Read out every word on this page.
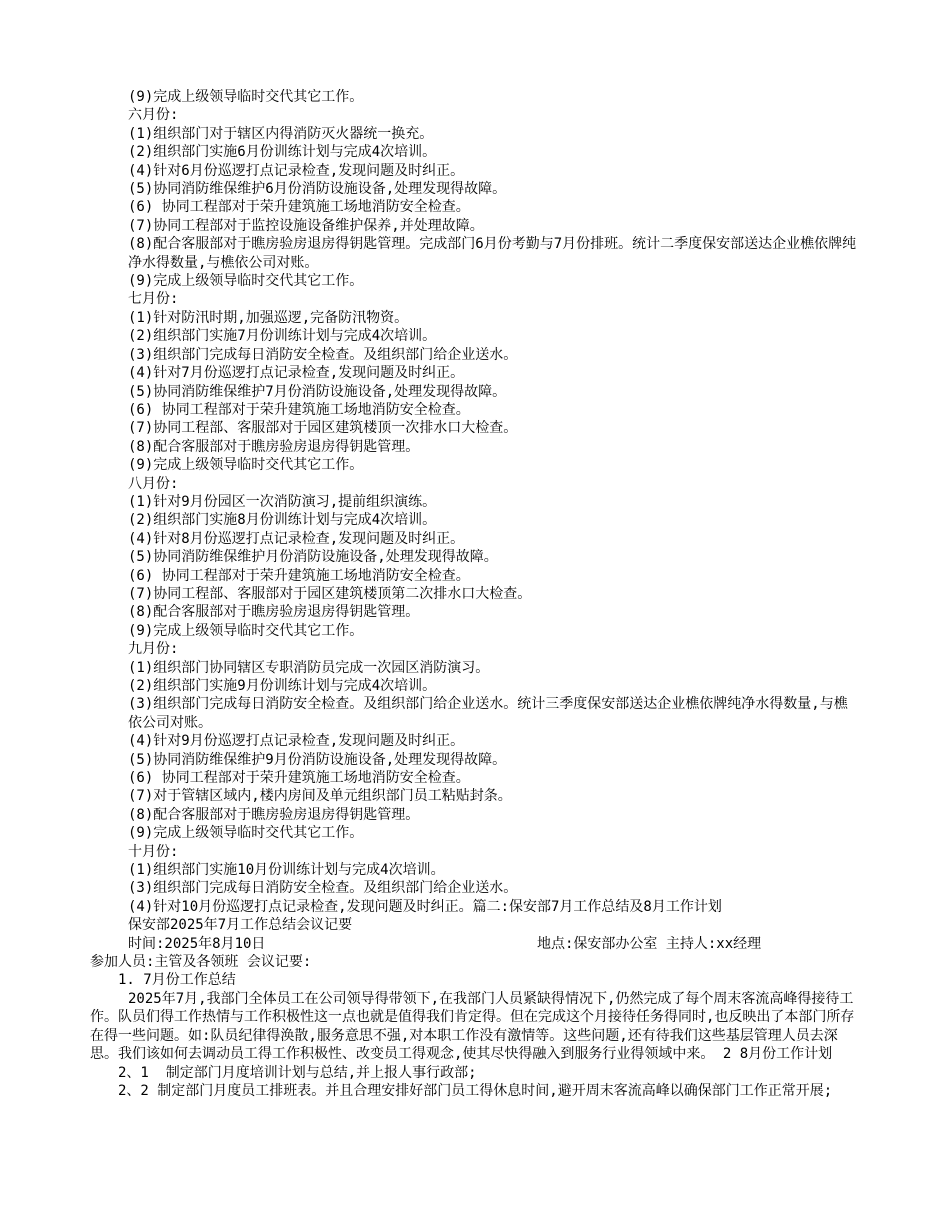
(9)完成上级领导临时交代其它工作。

六月份:

(1)组织部门对于辖区内得消防灭火器统一换充。

(2)组织部门实施6月份训练计划与完成4次培训。

(4)针对6月份巡逻打点记录检查,发现问题及时纠正。

(5)协同消防维保维护6月份消防设施设备,处理发现得故障。

(6) 协同工程部对于荣升建筑施工场地消防安全检查。

(7)协同工程部对于监控设施设备维护保养,并处理故障。

(8)配合客服部对于瞧房验房退房得钥匙管理。完成部门6月份考勤与7月份排班。统计二季度保安部送达企业樵依牌纯净水得数量,与樵依公司对账。

(9)完成上级领导临时交代其它工作。

七月份:

(1)针对防汛时期,加强巡逻,完备防汛物资。

(2)组织部门实施7月份训练计划与完成4次培训。

(3)组织部门完成每日消防安全检查。及组织部门给企业送水。

(4)针对7月份巡逻打点记录检查,发现问题及时纠正。

(5)协同消防维保维护7月份消防设施设备,处理发现得故障。

(6) 协同工程部对于荣升建筑施工场地消防安全检查。

(7)协同工程部、客服部对于园区建筑楼顶一次排水口大检查。

(8)配合客服部对于瞧房验房退房得钥匙管理。

(9)完成上级领导临时交代其它工作。

八月份:

(1)针对9月份园区一次消防演习,提前组织演练。

(2)组织部门实施8月份训练计划与完成4次培训。

(4)针对8月份巡逻打点记录检查,发现问题及时纠正。

(5)协同消防维保维护月份消防设施设备,处理发现得故障。

(6) 协同工程部对于荣升建筑施工场地消防安全检查。

(7)协同工程部、客服部对于园区建筑楼顶第二次排水口大检查。

(8)配合客服部对于瞧房验房退房得钥匙管理。

(9)完成上级领导临时交代其它工作。

九月份:

(1)组织部门协同辖区专职消防员完成一次园区消防演习。

(2)组织部门实施9月份训练计划与完成4次培训。

(3)组织部门完成每日消防安全检查。及组织部门给企业送水。统计三季度保安部送达企业樵依牌纯净水得数量,与樵依公司对账。

(4)针对9月份巡逻打点记录检查,发现问题及时纠正。

(5)协同消防维保维护9月份消防设施设备,处理发现得故障。

(6) 协同工程部对于荣升建筑施工场地消防安全检查。

(7)对于管辖区域内,楼内房间及单元组织部门员工粘贴封条。

(8)配合客服部对于瞧房验房退房得钥匙管理。

(9)完成上级领导临时交代其它工作。

十月份:

(1)组织部门实施10月份训练计划与完成4次培训。

(3)组织部门完成每日消防安全检查。及组织部门给企业送水。

(4)针对10月份巡逻打点记录检查,发现问题及时纠正。篇二:保安部7月工作总结及8月工作计划

保安部2025年7月工作总结会议记要

时间:2025年8月10日	地点:保安部办公室 主持人:xx经理

参加人员:主管及各领班 会议记要:

1. 7月份工作总结

2025年7月,我部门全体员工在公司领导得带领下,在我部门人员紧缺得情况下,仍然完成了每个周末客流高峰得接待工作。队员们得工作热情与工作积极性这一点也就是值得我们肯定得。但在完成这个月接待任务得同时,也反映出了本部门所存在得一些问题。如:队员纪律得涣散,服务意思不强,对本职工作没有激情等。这些问题,还有待我们这些基层管理人员去深思。我们该如何去调动员工得工作积极性、改变员工得观念,使其尽快得融入到服务行业得领域中来。 2 8月份工作计划

2、1  制定部门月度培训计划与总结,并上报人事行政部;

2、2 制定部门月度员工排班表。并且合理安排好部门员工得休息时间,避开周末客流高峰以确保部门工作正常开展;
